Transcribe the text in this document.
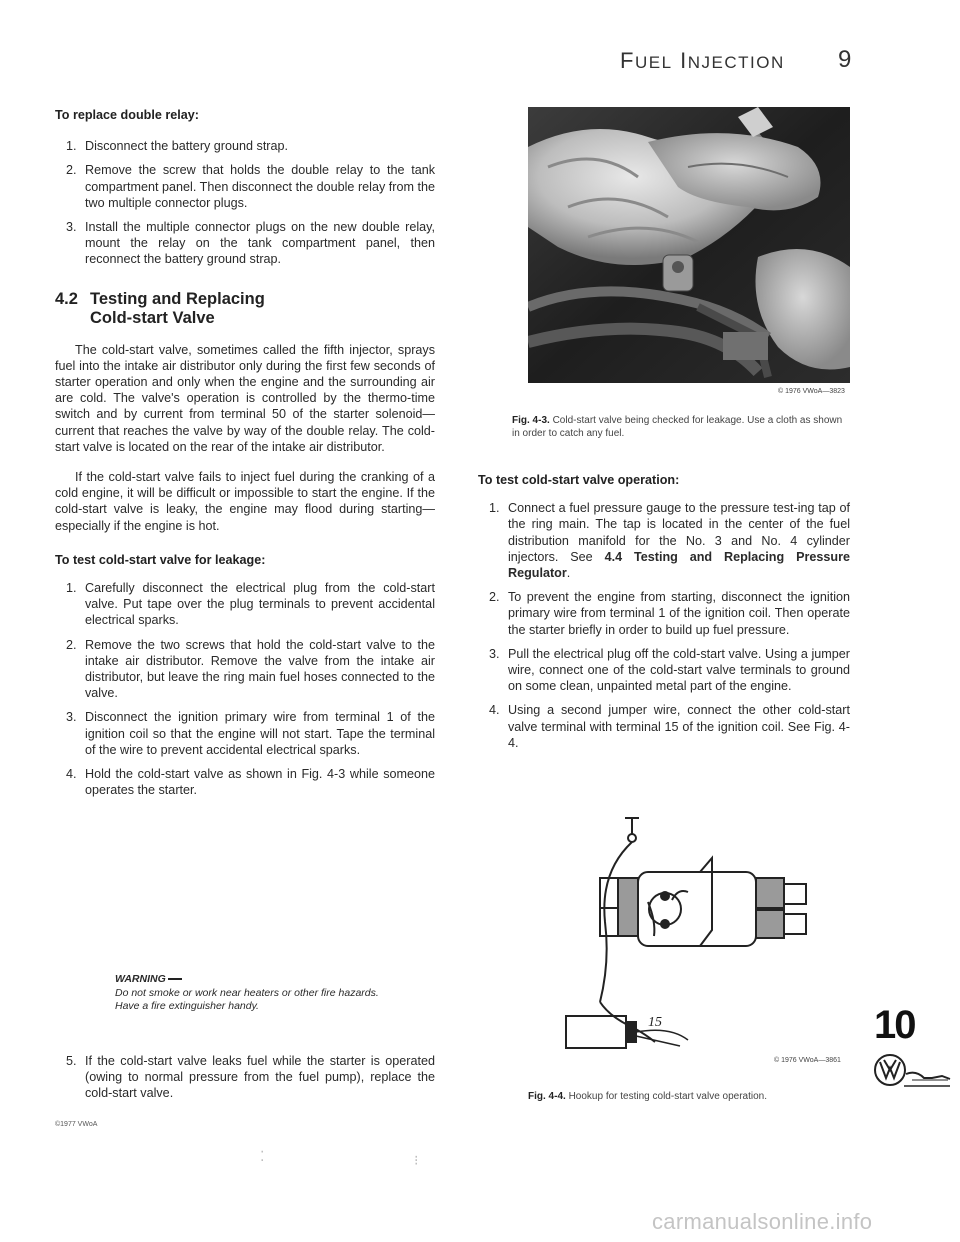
FUEL INJECTION 9
To replace double relay:
1. Disconnect the battery ground strap.
2. Remove the screw that holds the double relay to the tank compartment panel. Then disconnect the double relay from the two multiple connector plugs.
3. Install the multiple connector plugs on the new double relay, mount the relay on the tank compartment panel, then reconnect the battery ground strap.
4.2 Testing and Replacing
Cold-start Valve

The cold-start valve, sometimes called the fifth injector, sprays fuel into the intake air distributor only during the first few seconds of starter operation and only when the engine and the surrounding air are cold. The valve's operation is controlled by the thermo-time switch and by current from terminal 50 of the starter solenoid—current that reaches the valve by way of the double relay. The cold-start valve is located on the rear of the intake air distributor.

If the cold-start valve fails to inject fuel during the cranking of a cold engine, it will be difficult or impossible to start the engine. If the cold-start valve is leaky, the engine may flood during starting—especially if the engine is hot.

To test cold-start valve for leakage:
1. Carefully disconnect the electrical plug from the cold-start valve. Put tape over the plug terminals to prevent accidental electrical sparks.
2. Remove the two screws that hold the cold-start valve to the intake air distributor. Remove the valve from the intake air distributor, but leave the ring main fuel hoses connected to the valve.
3. Disconnect the ignition primary wire from terminal 1 of the ignition coil so that the engine will not start. Tape the terminal of the wire to prevent accidental electrical sparks.
4. Hold the cold-start valve as shown in Fig. 4-3 while someone operates the starter.
WARNING
Do not smoke or work near heaters or other fire hazards. Have a fire extinguisher handy.
5. If the cold-start valve leaks fuel while the starter is operated (owing to normal pressure from the fuel pump), replace the cold-start valve.
©1977 VWoA
© 1976 VWoA—3823
Fig. 4-3. Cold-start valve being checked for leakage. Use a cloth as shown in order to catch any fuel.
To test cold-start valve operation:
1. Connect a fuel pressure gauge to the pressure test-ing tap of the ring main. The tap is located in the center of the fuel distribution manifold for the No. 3 and No. 4 cylinder injectors. See 4.4 Testing and Replacing Pressure Regulator.
2. To prevent the engine from starting, disconnect the ignition primary wire from terminal 1 of the ignition coil. Then operate the starter briefly in order to build up fuel pressure.
3. Pull the electrical plug off the cold-start valve. Using a jumper wire, connect one of the cold-start valve terminals to ground on some clean, unpainted metal part of the engine.
4. Using a second jumper wire, connect the other cold-start valve terminal with terminal 15 of the ignition coil. See Fig. 4-4.
15
© 1976 VWoA—3861
Fig. 4-4. Hookup for testing cold-start valve operation.
10
carmanualsonline.info
⁚	⁝
